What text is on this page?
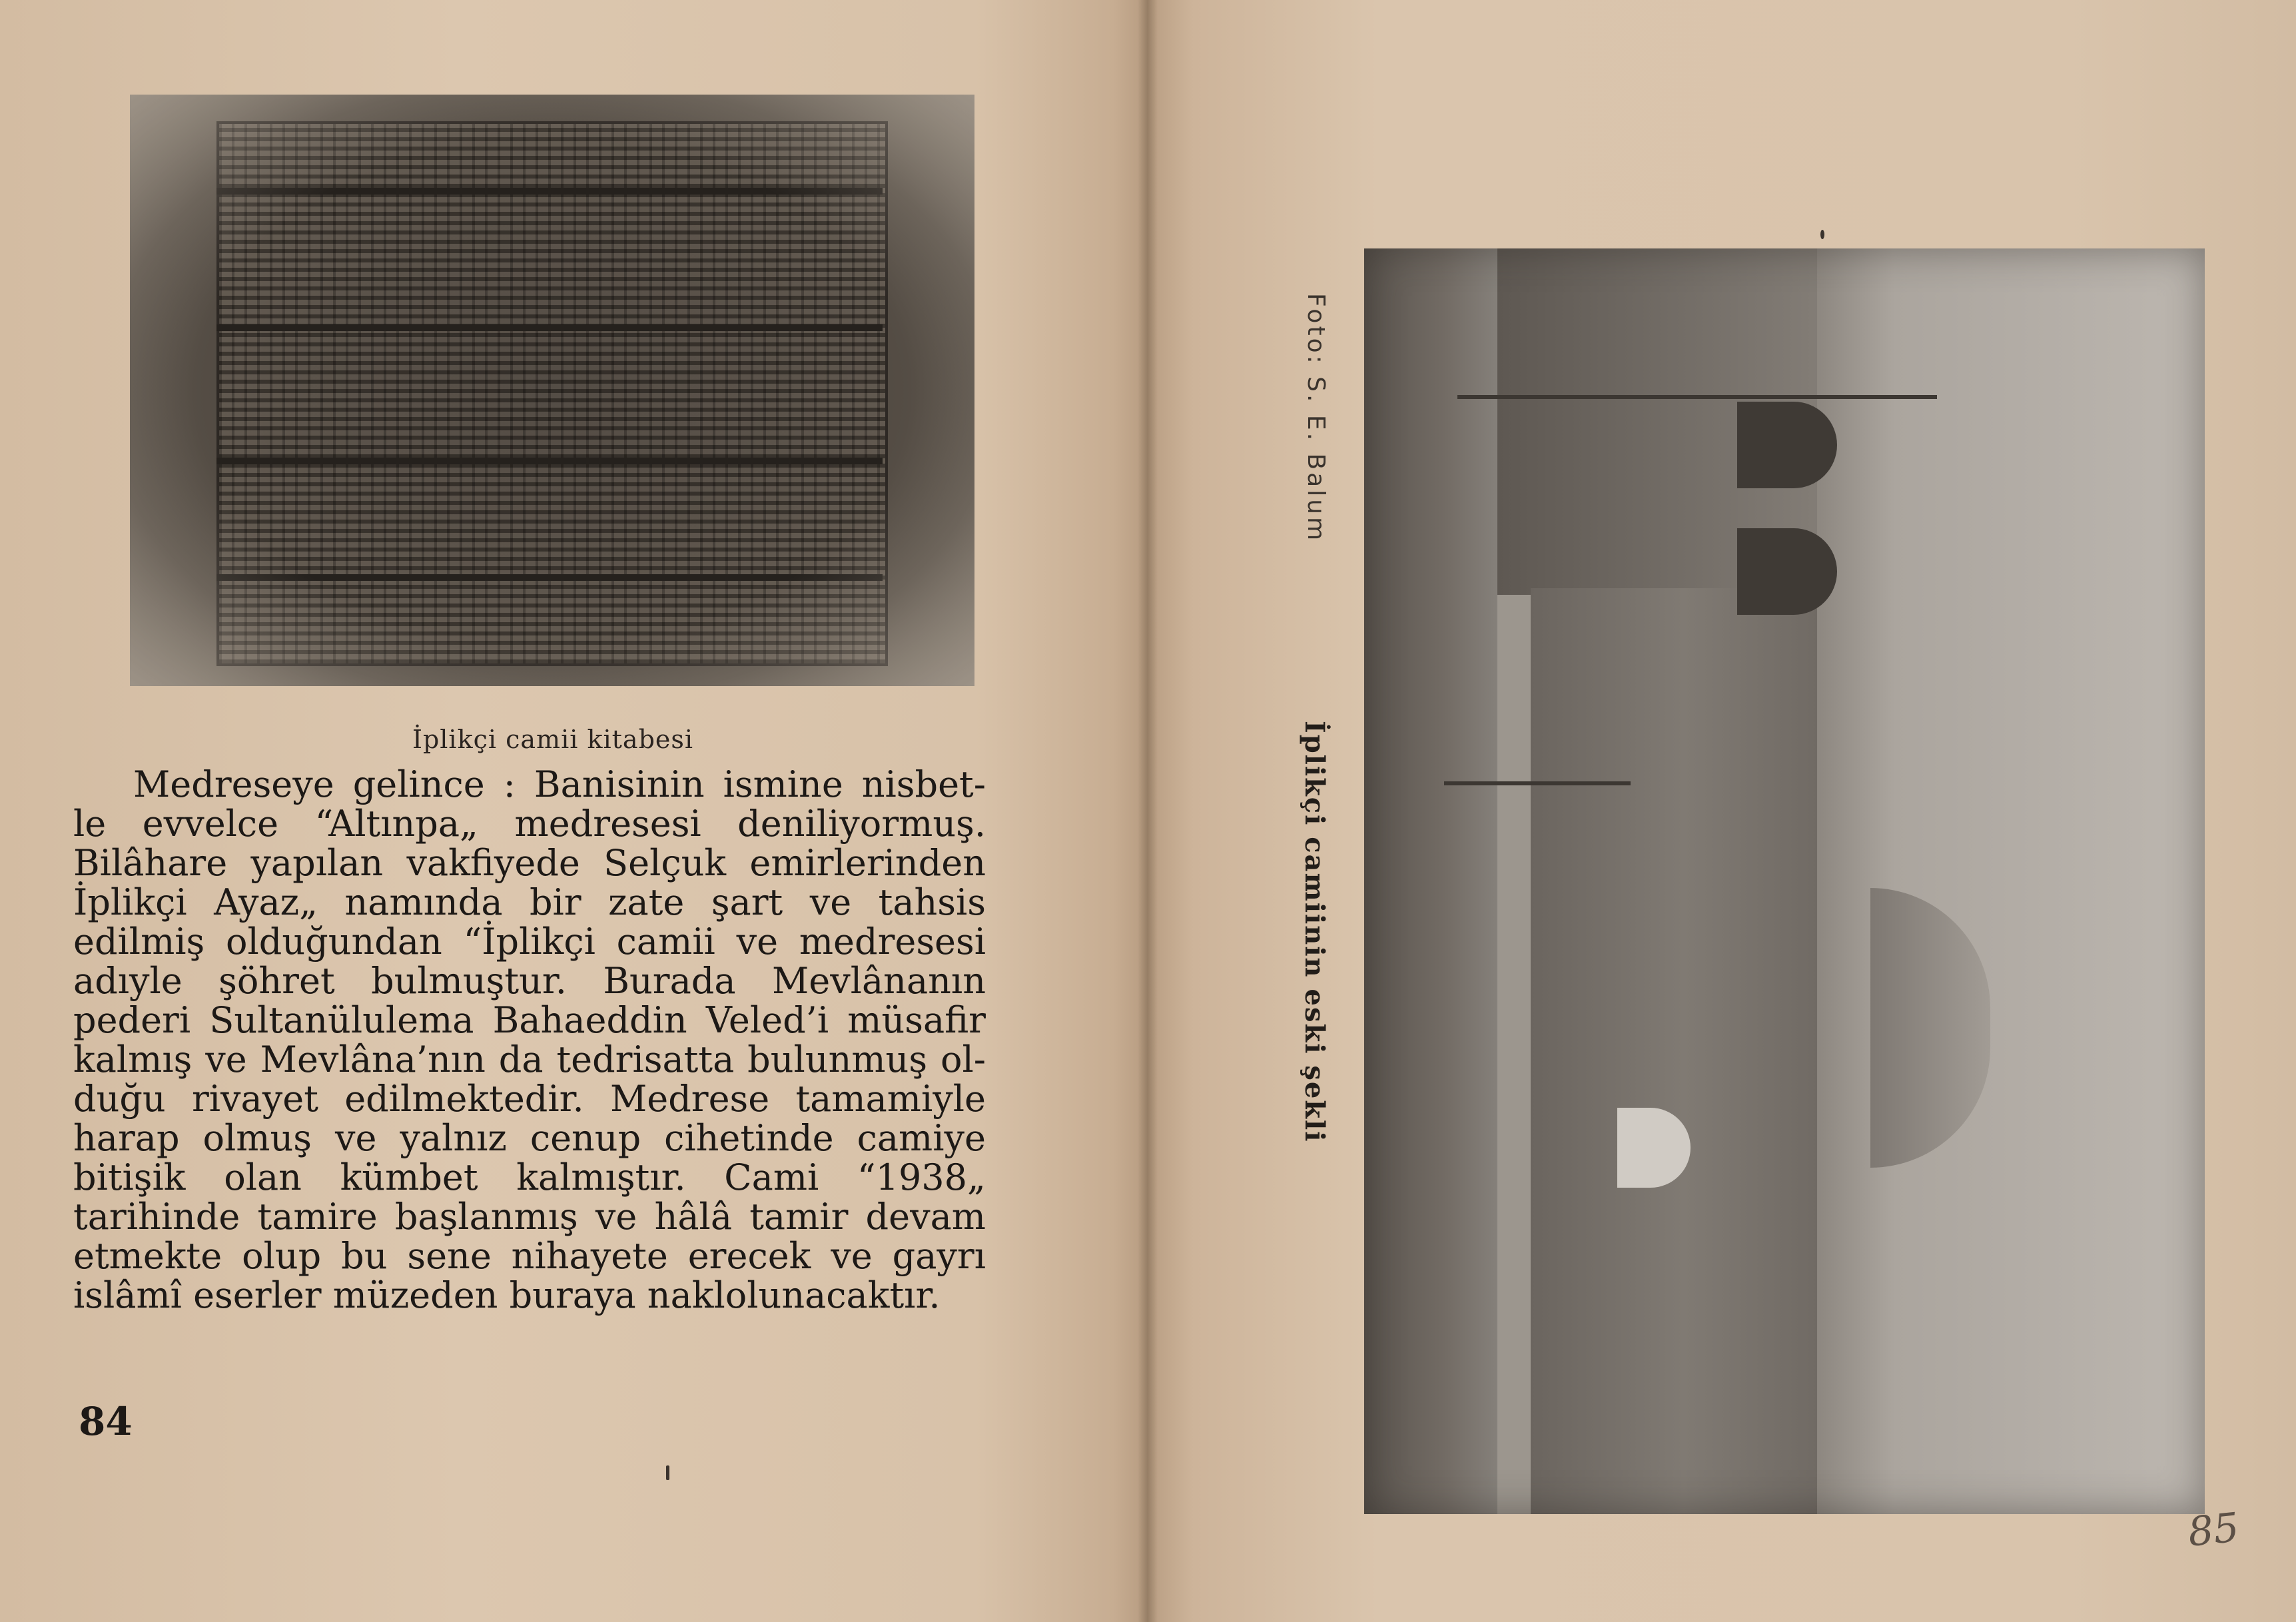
İplikçi camii kitabesi
Medreseye gelince : Banisinin ismine nisbet-
le evvelce “Altınpa„ medresesi deniliyormuş.
Bilâhare yapılan vakfiyede Selçuk emirlerinden
İplikçi Ayaz„ namında bir zate şart ve tahsis
edilmiş olduğundan “İplikçi camii ve medresesi
adıyle şöhret bulmuştur. Burada Mevlânanın
pederi Sultanülulema Bahaeddin Veled’i müsafir
kalmış ve Mevlâna’nın da tedrisatta bulunmuş ol-
duğu rivayet edilmektedir. Medrese tamamiyle
harap olmuş ve yalnız cenup cihetinde camiye
bitişik olan kümbet kalmıştır. Cami “1938„
tarihinde tamire başlanmış ve hâlâ tamir devam
etmekte olup bu sene nihayete erecek ve gayrı
islâmî eserler müzeden buraya naklolunacaktır.
84
Foto: S. E. Balum
İplikçi camiinin eski şekli
85
